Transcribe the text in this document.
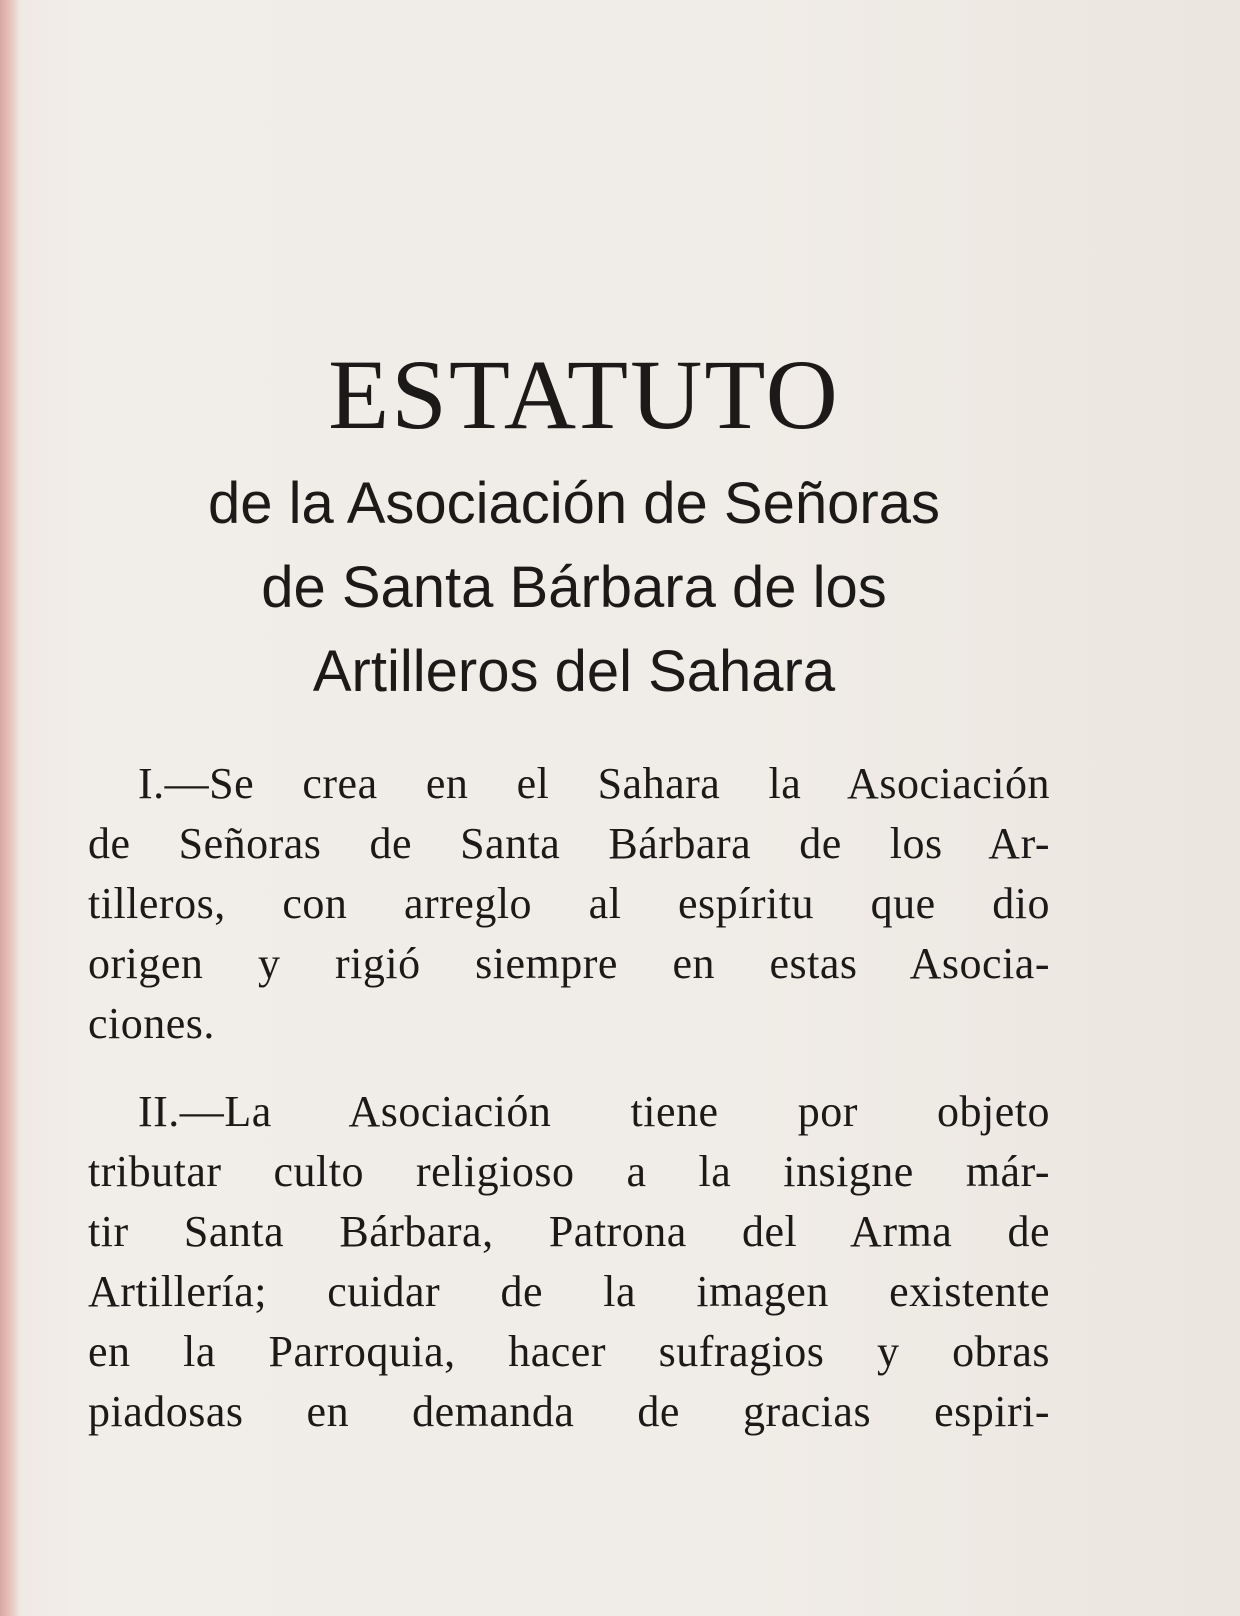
ESTATUTO
de la Asociación de Señoras
de Santa Bárbara de los
Artilleros del Sahara
I.—Se crea en el Sahara la Asociación
de Señoras de Santa Bárbara de los Ar-
tilleros, con arreglo al espíritu que dio
origen y rigió siempre en estas Asocia-
ciones.
II.—La Asociación tiene por objeto
tributar culto religioso a la insigne már-
tir Santa Bárbara, Patrona del Arma de
Artillería; cuidar de la imagen existente
en la Parroquia, hacer sufragios y obras
piadosas en demanda de gracias espiri-
